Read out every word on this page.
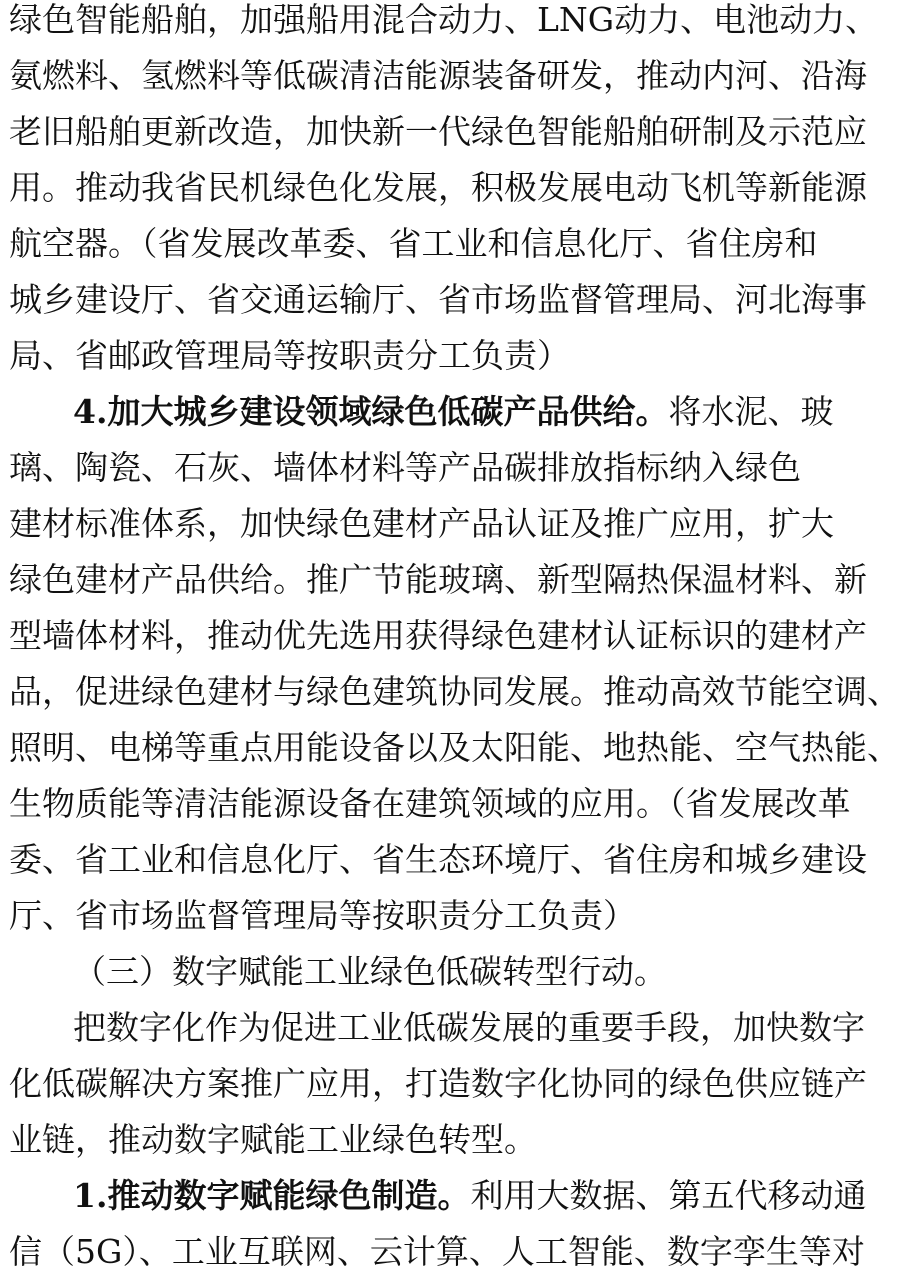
绿色智能船舶，加强船用混合动力、LNG动力、电池动力、
氨燃料、氢燃料等低碳清洁能源装备研发，推动内河、沿海
老旧船舶更新改造，加快新一代绿色智能船舶研制及示范应
用。推动我省民机绿色化发展，积极发展电动飞机等新能源
航空器。（省发展改革委、省工业和信息化厅、省住房和
城乡建设厅、省交通运输厅、省市场监督管理局、河北海事
局、省邮政管理局等按职责分工负责）
4.加大城乡建设领域绿色低碳产品供给。将水泥、玻
璃、陶瓷、石灰、墙体材料等产品碳排放指标纳入绿色
建材标准体系，加快绿色建材产品认证及推广应用，扩大
绿色建材产品供给。推广节能玻璃、新型隔热保温材料、新
型墙体材料，推动优先选用获得绿色建材认证标识的建材产
品，促进绿色建材与绿色建筑协同发展。推动高效节能空调、
照明、电梯等重点用能设备以及太阳能、地热能、空气热能、
生物质能等清洁能源设备在建筑领域的应用。（省发展改革
委、省工业和信息化厅、省生态环境厅、省住房和城乡建设
厅、省市场监督管理局等按职责分工负责）
（三）数字赋能工业绿色低碳转型行动。
把数字化作为促进工业低碳发展的重要手段，加快数字
化低碳解决方案推广应用，打造数字化协同的绿色供应链产
业链，推动数字赋能工业绿色转型。
1.推动数字赋能绿色制造。利用大数据、第五代移动通
信（5G）、工业互联网、云计算、人工智能、数字孪生等对
